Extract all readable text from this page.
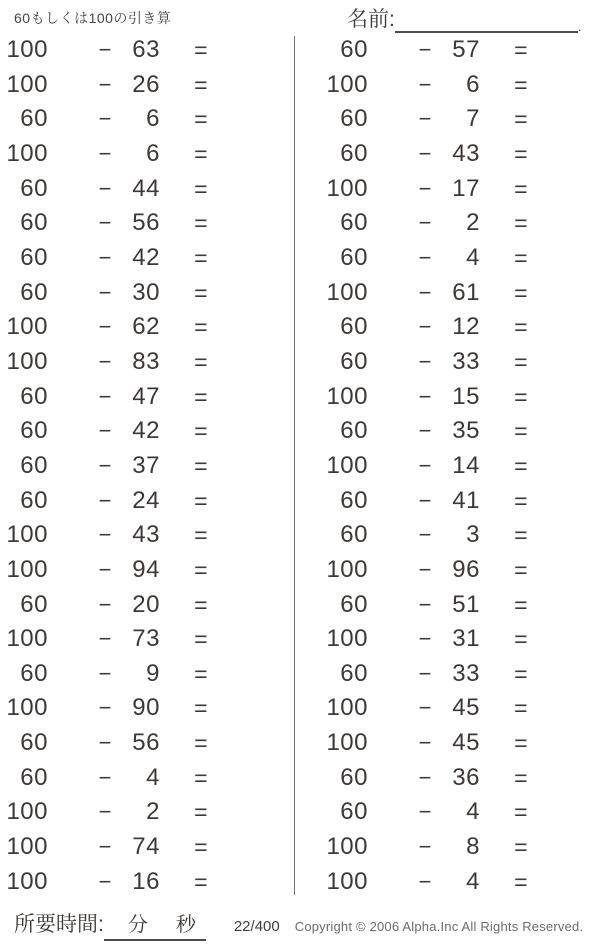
60もしくは100の引き算	名前:	.
100	− 63	=
100	− 26	=
60	−	6	=
100	−	6	=
60	− 44	=
60	− 56	=
60	− 42	=
60	− 30	=
100	− 62	=
100	− 83	=
60	− 47	=
60	− 42	=
60	− 37	=
60	− 24	=
100	− 43	=
100	− 94	=
60	− 20	=
100	− 73	=
60	−	9	=
100	− 90	=
60	− 56	=
60	−	4	=
100	−	2	=
100	− 74	=
100	− 16	=
60	− 57	=
100	−	6	=
60	−	7	=
60	− 43	=
100	− 17	=
60	−	2	=
60	−	4	=
100	− 61	=
60	− 12	=
60	− 33	=
100	− 15	=
60	− 35	=
100	− 14	=
60	− 41	=
60	−	3	=
100	− 96	=
60	− 51	=
100	− 31	=
60	− 33	=
100	− 45	=
100	− 45	=
60	− 36	=
60	−	4	=
100	−	8	=
100	−	4	=
所要時間:	分	秒	22/400 Copyright © 2006 Alpha.Inc All Rights Reserved.
